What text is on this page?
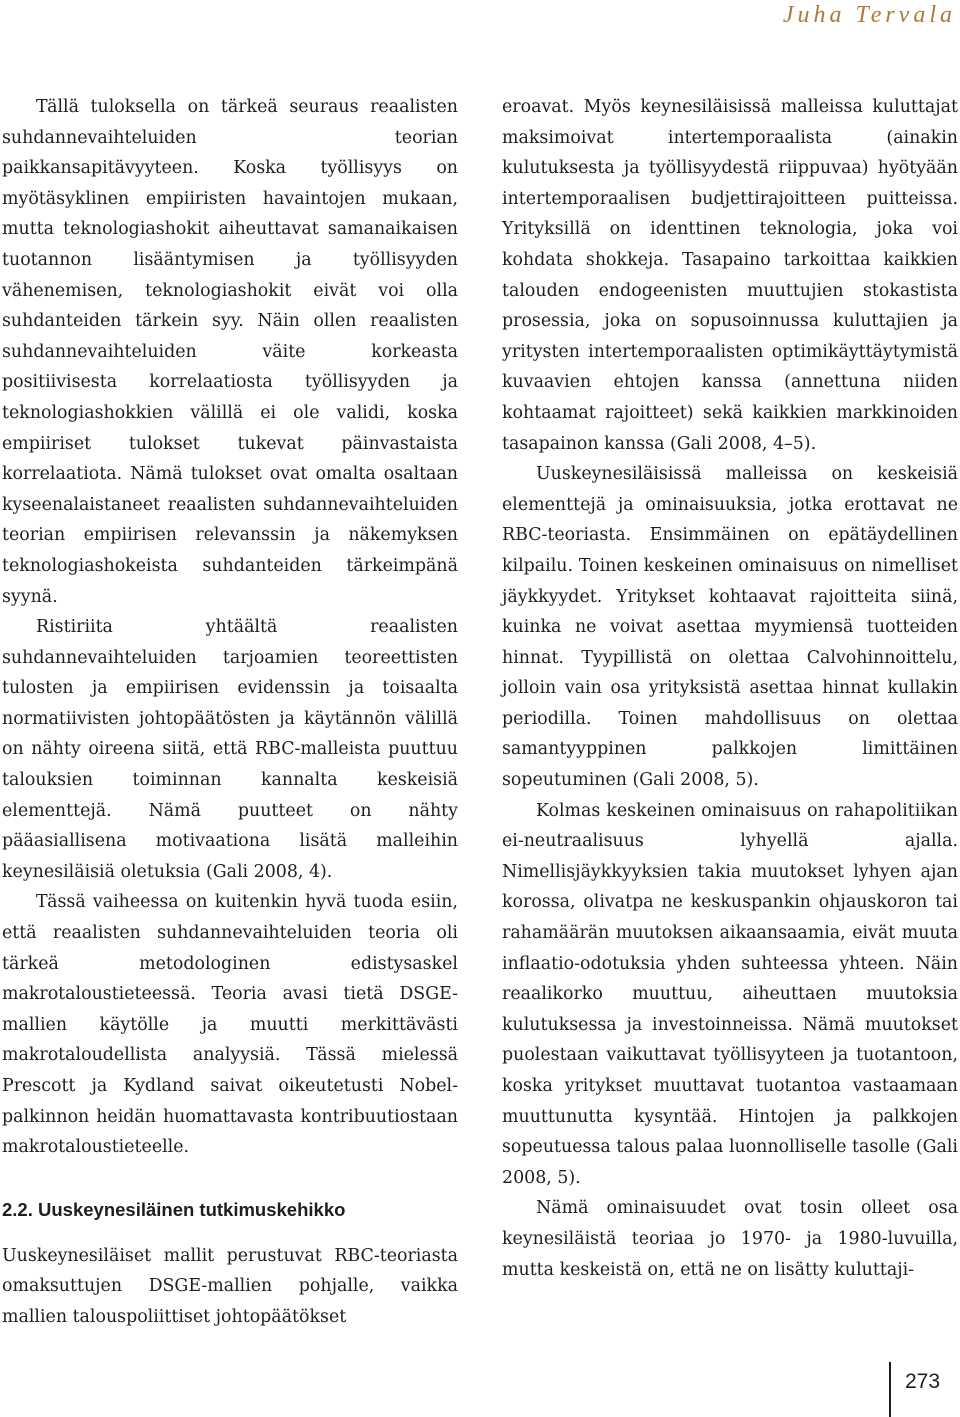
Juha Tervala

Tällä tuloksella on tärkeä seuraus reaalisten suhdannevaihteluiden teorian paikkansapitävyyteen. Koska työllisyys on myötäsyklinen empiiristen havaintojen mukaan, mutta teknologiashokit aiheuttavat samanaikaisen tuotannon lisääntymisen ja työllisyyden vähenemisen, teknologiashokit eivät voi olla suhdanteiden tärkein syy. Näin ollen reaalisten suhdannevaihteluiden väite korkeasta positiivisesta korrelaatiosta työllisyyden ja teknologiashokkien välillä ei ole validi, koska empiiriset tulokset tukevat päinvastaista korrelaatiota. Nämä tulokset ovat omalta osaltaan kyseenalaistaneet reaalisten suhdannevaihteluiden teorian empiirisen relevanssin ja näkemyksen teknologiashokeista suhdanteiden tärkeimpänä syynä.

Ristiriita yhtäältä reaalisten suhdannevaihteluiden tarjoamien teoreettisten tulosten ja empiirisen evidenssin ja toisaalta normatiivisten johtopäätösten ja käytännön välillä on nähty oireena siitä, että RBC-malleista puuttuu talouksien toiminnan kannalta keskeisiä elementtejä. Nämä puutteet on nähty pääasiallisena motivaationa lisätä malleihin keynesiläisiä oletuksia (Gali 2008, 4).

Tässä vaiheessa on kuitenkin hyvä tuoda esiin, että reaalisten suhdannevaihteluiden teoria oli tärkeä metodologinen edistysaskel makrotaloustieteessä. Teoria avasi tietä DSGE-mallien käytölle ja muutti merkittävästi makrotaloudellista analyysiä. Tässä mielessä Prescott ja Kydland saivat oikeutetusti Nobel-palkinnon heidän huomattavasta kontribuutiostaan makrotaloustieteelle.

2.2. Uuskeynesiläinen tutkimuskehikko

Uuskeynesiläiset mallit perustuvat RBC-teoriasta omaksuttujen DSGE-mallien pohjalle, vaikka mallien talouspoliittiset johtopäätökset

eroavat. Myös keynesiläisissä malleissa kuluttajat maksimoivat intertemporaalista (ainakin kulutuksesta ja työllisyydestä riippuvaa) hyötyään intertemporaalisen budjettirajoitteen puitteissa. Yrityksillä on identtinen teknologia, joka voi kohdata shokkeja. Tasapaino tarkoittaa kaikkien talouden endogeenisten muuttujien stokastista prosessia, joka on sopusoinnussa kuluttajien ja yritysten intertemporaalisten optimikäyttäytymistä kuvaavien ehtojen kanssa (annettuna niiden kohtaamat rajoitteet) sekä kaikkien markkinoiden tasapainon kanssa (Gali 2008, 4–5).

Uuskeynesiläisissä malleissa on keskeisiä elementtejä ja ominaisuuksia, jotka erottavat ne RBC-teoriasta. Ensimmäinen on epätäydellinen kilpailu. Toinen keskeinen ominaisuus on nimelliset jäykkyydet. Yritykset kohtaavat rajoitteita siinä, kuinka ne voivat asettaa myymiensä tuotteiden hinnat. Tyypillistä on olettaa Calvohinnoittelu, jolloin vain osa yrityksistä asettaa hinnat kullakin periodilla. Toinen mahdollisuus on olettaa samantyyppinen palkkojen limittäinen sopeutuminen (Gali 2008, 5).

Kolmas keskeinen ominaisuus on rahapolitiikan ei-neutraalisuus lyhyellä ajalla. Nimellisjäykkyyksien takia muutokset lyhyen ajan korossa, olivatpa ne keskuspankin ohjauskoron tai rahamäärän muutoksen aikaansaamia, eivät muuta inflaatio-odotuksia yhden suhteessa yhteen. Näin reaalikorko muuttuu, aiheuttaen muutoksia kulutuksessa ja investoinneissa. Nämä muutokset puolestaan vaikuttavat työllisyyteen ja tuotantoon, koska yritykset muuttavat tuotantoa vastaamaan muuttunutta kysyntää. Hintojen ja palkkojen sopeutuessa talous palaa luonnolliselle tasolle (Gali 2008, 5).

Nämä ominaisuudet ovat tosin olleet osa keynesiläistä teoriaa jo 1970- ja 1980-luvuilla, mutta keskeistä on, että ne on lisätty kuluttaji-

273
